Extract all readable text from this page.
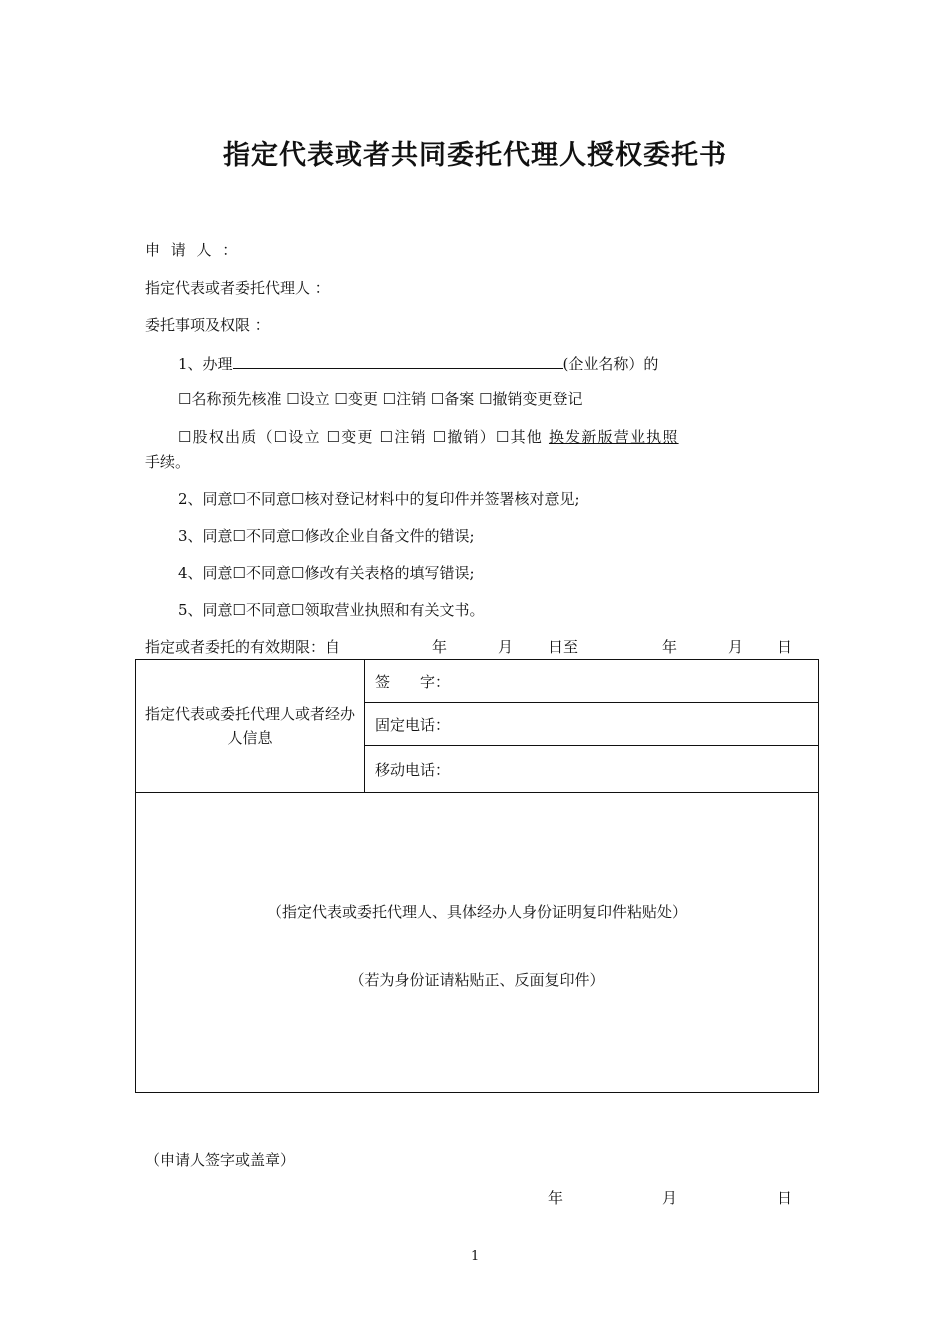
指定代表或者共同委托代理人授权委托书
申 请 人 ：
指定代表或者委托代理人 ：
委托事项及权限 ：
1、办理	(企业名称）的
☐名称预先核准 ☐设立 ☐变更 ☐注销 ☐备案 ☐撤销变更登记
☐股权出质（☐设立 ☐变更 ☐注销 ☐撤销）☐其他 换发新版营业执照
手续。
2、同意☐不同意☐核对登记材料中的复印件并签署核对意见;
3、同意☐不同意☐修改企业自备文件的错误;
4、同意☐不同意☐修改有关表格的填写错误;
5、同意☐不同意☐领取营业执照和有关文书。
指定或者委托的有效期限：自	年	月 日至	年	月 日
指定代表或委托代理人或者经办人信息
	签　　字：
固定电话：
移动电话：

（指定代表或委托代理人、具体经办人身份证明复印件粘贴处）
（若为身份证请粘贴正、反面复印件）
（申请人签字或盖章）
年	月	日
1
